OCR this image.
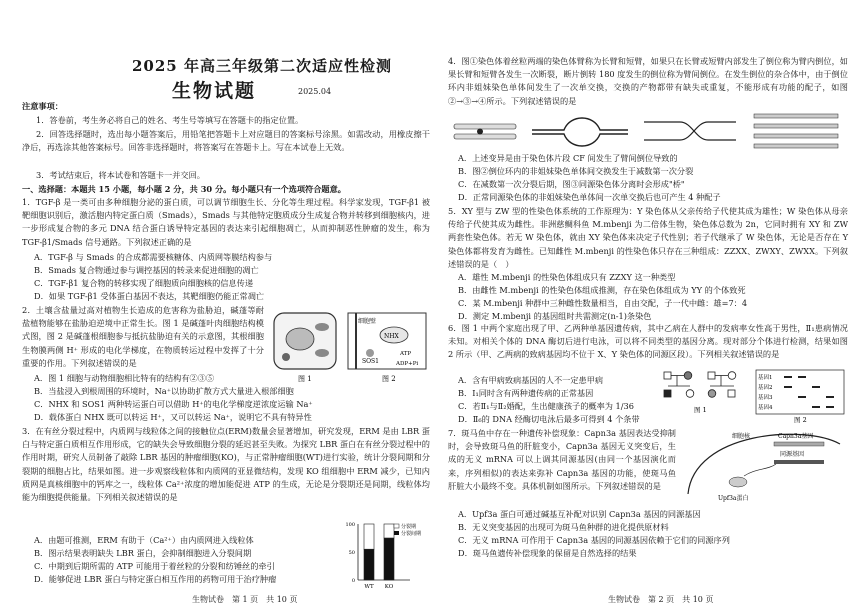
2025 年高三年级第二次适应性检测
生物试题	2025.04
注意事项：
1．答卷前，考生务必将自己的姓名、考生号等填写在答题卡的指定位置。
2．回答选择题时，选出每小题答案后，用铅笔把答题卡上对应题目的答案标号涂黑。如需改动，用橡皮擦干净后，再选涂其他答案标号。回答非选择题时，将答案写在答题卡上。写在本试卷上无效。
3．考试结束后，将本试卷和答题卡一并交回。
一、选择题：本题共 15 小题，每小题 2 分，共 30 分。每小题只有一个选项符合题意。
1．TGF-β 是一类可由多种细胞分泌的蛋白质，可以调节细胞生长、分化等生理过程。科学家发现，TGF-β1 被靶细胞识别后，激活胞内特定蛋白质（Smads），Smads 与其他特定胞质成分生成复合物并转移到细胞核内，进一步形成复合物的多元 DNA 结合蛋白诱导特定基因的表达来引起细胞凋亡，从而抑制恶性肿瘤的发生，称为 TGF-β1/Smads 信号通路。下列叙述正确的是
A．TGF-β 与 Smads 的合成都需要核糖体、内质网等膜结构参与
B．Smads 复合物通过参与调控基因的转录来促进细胞的凋亡
C．TGF-β1 复合物的转移实现了细胞质向细胞核的信息传递
D．如果 TGF-β1 受体蛋白基因不表达，其靶细胞仍能正常凋亡
2．土壤含盐量过高对植物生长造成的危害称为盐胁迫，碱蓬等耐盐植物能够在盐胁迫逆境中正常生长。图 1 是碱蓬叶肉细胞结构模式图，图 2 是碱蓬根细胞参与抵抗盐胁迫有关的示意图，其根细胞生物膜两侧 H⁺ 形成的电化学梯度，在物质转运过程中发挥了十分重要的作用。下列叙述错误的是
图 1
细胞壁
NHX
SOS1
ATP
ADP+Pi
图 2
A．图 1 细胞与动物细胞相比特有的结构有②③⑤
B．当盐浸入到根周围的环境时，Na⁺以协助扩散方式大量进入根部细胞
C．NHX 和 SOS1 两种转运蛋白可以借助 H⁺的电化学梯度逆浓度运输 Na⁺
D．载体蛋白 NHX 既可以转运 H⁺，又可以转运 Na⁺，说明它不具有特异性
3．在有丝分裂过程中，内质网与线粒体之间的接触位点(ERM)数量会显著增加，研究发现，ERM 是由 LBR 蛋白与特定蛋白质相互作用形成，它的缺失会导致细胞分裂的延迟甚至失败。为探究 LBR 蛋白在有丝分裂过程中的作用时期，研究人员制备了敲除 LBR 基因的肿瘤细胞(KO)，与正常肿瘤细胞(WT)进行实验，统计分裂间期和分裂期的细胞占比，结果如图。进一步观察线粒体和内质网的亚显微结构，发现 KO 组细胞中 ERM 减少，已知内质网是真核细胞中的钙库之一，线粒体 Ca²⁺浓度的增加能促进 ATP 的生成，无论是分裂期还是间期，线粒体均能为细胞提供能量。下列相关叙述错误的是
A．由题可推测，ERM 有助于（Ca²⁺）由内质网进入线粒体
B．图示结果表明缺失 LBR 蛋白，会抑制细胞进入分裂间期
C．中期到后期所需的 ATP 可能用于着丝粒的分裂和纺锤丝的牵引
D．能够促进 LBR 蛋白与特定蛋白相互作用的药物可用于治疗肿瘤
100
50
0
WT KO
分裂期
分裂间期
生物试卷　第 1 页　共 10 页
4．图①染色体着丝粒两端的染色体臂称为长臂和短臂，如果只在长臂或短臂内部发生了倒位称为臂内倒位，如果长臂和短臂各发生一次断裂，断片倒转 180 度发生的倒位称为臂间倒位。在发生倒位的杂合体中，由于倒位环内非姐妹染色单体间发生了一次单交换，交换的产物都带有缺失或重复，不能形成有功能的配子，如图②→③→④所示。下列叙述错误的是
A．上述变异是由于染色体片段 CF 间发生了臂间倒位导致的
B．图②倒位环内的非姐妹染色单体间交换发生于减数第一次分裂
C．在减数第一次分裂后期，图③同源染色体分离时会形成"桥"
D．正常同源染色体的非姐妹染色单体间一次单交换后也可产生 4 种配子
5．XY 型与 ZW 型的性染色体系统的工作原理为：Y 染色体从父亲传给子代使其成为雄性；W 染色体从母亲传给子代使其成为雌性。非洲慈鲷科鱼 M.mbenji 为二倍体生物，染色体总数为 2n，它同时拥有 XY 和 ZW 两套性染色体。若无 W 染色体，就由 XY 染色体来决定子代性别；若子代继承了 W 染色体，无论是否存在 Y 染色体都将发育为雌性。已知雌性 M.mbenji 的性染色体只存在三种组成：ZZXX、ZWXY、ZWXX。下列叙述错误的是（　）
A．雄性 M.mbenji 的性染色体组成只有 ZZXY 这一种类型
B．由雌性 M.mbenji 的性染色体组成推测，存在染色体组成为 YY 的个体致死
C．某 M.mbenji 种群中三种雌性数量相当，自由交配，子一代中雌：雄=7：4
D．测定 M.mbenji 的基因组时共需测定(n-1)条染色
6．图 1 中两个家庭出现了甲、乙两种单基因遗传病，其中乙病在人群中的发病率女性高于男性，Ⅱ₁患病情况未知。对相关个体的 DNA 酶切后进行电泳，可以将不同类型的基因分离。现对部分个体进行检测，结果如图 2 所示（甲、乙两病的致病基因均不位于 X、Y 染色体的同源区段）。下列相关叙述错误的是
A．含有甲病致病基因的人不一定患甲病
B．I₁同时含有两种遗传病的正常基因
C．若Ⅱ₁与Ⅱ₂婚配，生出健康孩子的概率为 1/36
D．Ⅱ₆的 DNA 经酶切电泳后最多可得到 4 个条带
图 1
基因1
基因2
基因3
基因4
图 2
7．斑马鱼中存在一种遗传补偿现象：Capn3a 基因表达受抑制时，会导致斑马鱼的肝脏变小，Capn3a 基因无义突变后，生成的无义 mRNA 可以上调其同源基因(由同一个基因演化而来，序列相似)的表达来弥补 Capn3a 基因的功能，使斑马鱼肝脏大小最终不变。具体机制如图所示。下列叙述错误的是
细胞核	Capn3a基因
同源基因
Upf3a蛋白
A．Upf3a 蛋白可通过碱基互补配对识别 Capn3a 基因的同源基因
B．无义突变基因的出现可为斑马鱼种群的进化提供原材料
C．无义 mRNA 可作用于 Capn3a 基因的同源基因依赖于它们的同源序列
D．斑马鱼遗传补偿现象的保留是自然选择的结果
生物试卷　第 2 页　共 10 页
